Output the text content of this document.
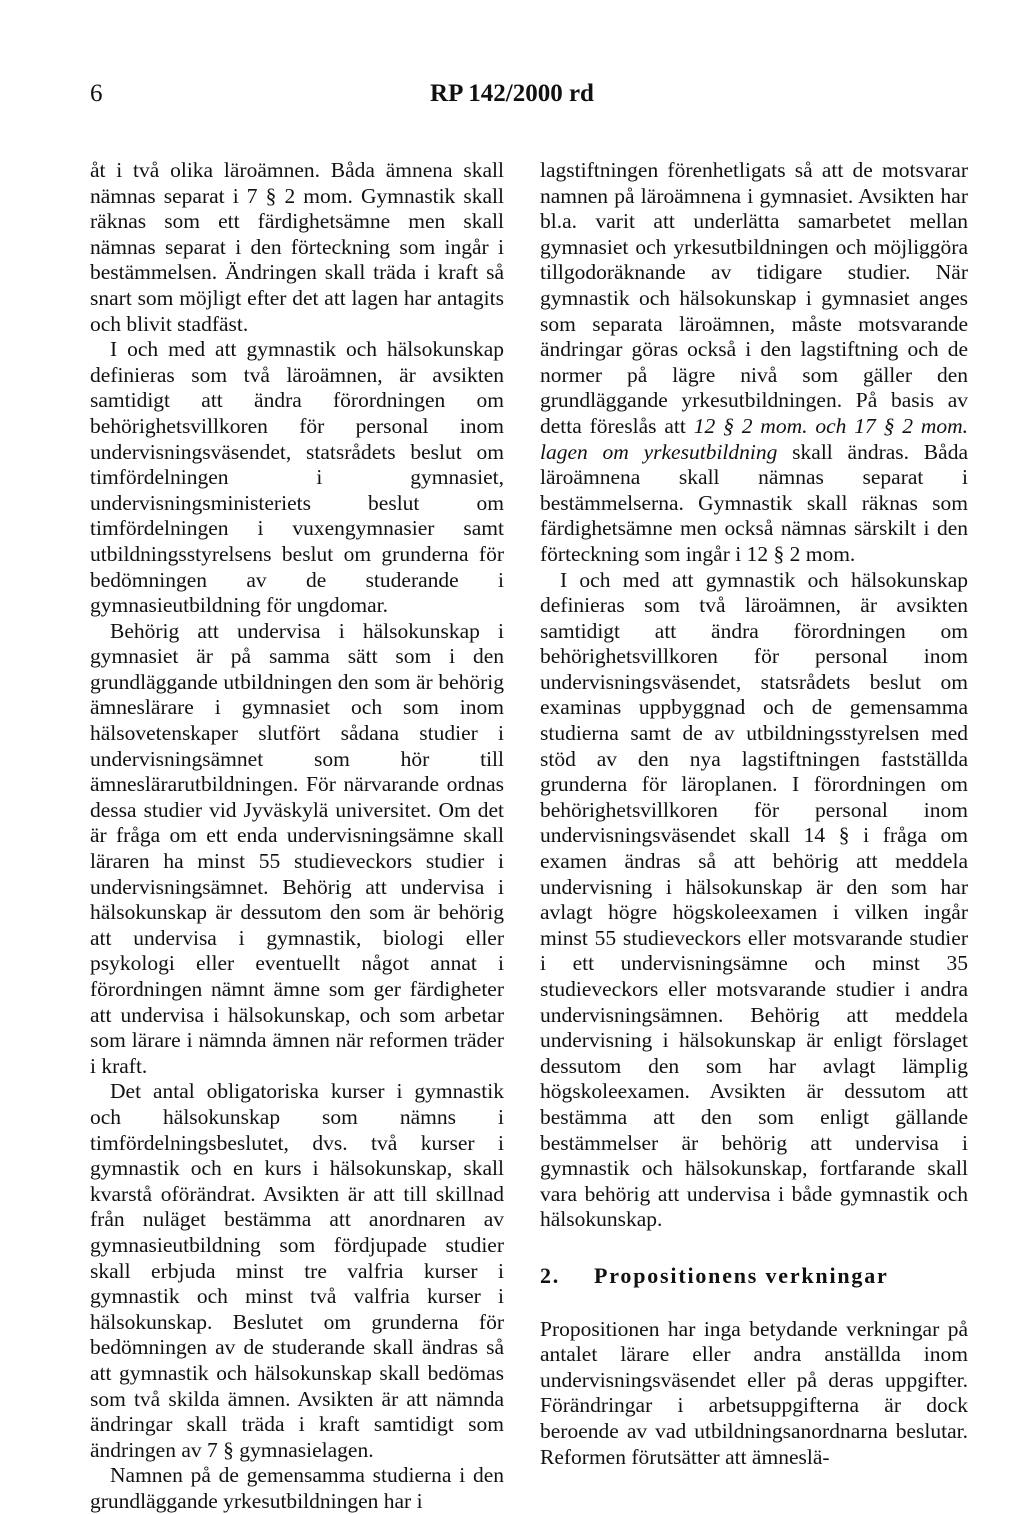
6	RP 142/2000 rd

åt i två olika läroämnen. Båda ämnena skall nämnas separat i 7 § 2 mom. Gymnastik skall räknas som ett färdighetsämne men skall nämnas separat i den förteckning som ingår i bestämmelsen. Ändringen skall träda i kraft så snart som möjligt efter det att lagen har antagits och blivit stadfäst.

I och med att gymnastik och hälsokunskap definieras som två läroämnen, är avsikten samtidigt att ändra förordningen om behörighetsvillkoren för personal inom undervisningsväsendet, statsrådets beslut om timfördelningen i gymnasiet, undervisningsministeriets beslut om timfördelningen i vuxengymnasier samt utbildningsstyrelsens beslut om grunderna för bedömningen av de studerande i gymnasieutbildning för ungdomar.

Behörig att undervisa i hälsokunskap i gymnasiet är på samma sätt som i den grundläggande utbildningen den som är behörig ämneslärare i gymnasiet och som inom hälsovetenskaper slutfört sådana studier i undervisningsämnet som hör till ämneslärarutbildningen. För närvarande ordnas dessa studier vid Jyväskylä universitet. Om det är fråga om ett enda undervisningsämne skall läraren ha minst 55 studieveckors studier i undervisningsämnet. Behörig att undervisa i hälsokunskap är dessutom den som är behörig att undervisa i gymnastik, biologi eller psykologi eller eventuellt något annat i förordningen nämnt ämne som ger färdigheter att undervisa i hälsokunskap, och som arbetar som lärare i nämnda ämnen när reformen träder i kraft.

Det antal obligatoriska kurser i gymnastik och hälsokunskap som nämns i timfördelningsbeslutet, dvs. två kurser i gymnastik och en kurs i hälsokunskap, skall kvarstå oförändrat. Avsikten är att till skillnad från nuläget bestämma att anordnaren av gymnasieutbildning som fördjupade studier skall erbjuda minst tre valfria kurser i gymnastik och minst två valfria kurser i hälsokunskap. Beslutet om grunderna för bedömningen av de studerande skall ändras så att gymnastik och hälsokunskap skall bedömas som två skilda ämnen. Avsikten är att nämnda ändringar skall träda i kraft samtidigt som ändringen av 7 § gymnasielagen.

Namnen på de gemensamma studierna i den grundläggande yrkesutbildningen har i

lagstiftningen förenhetligats så att de motsvarar namnen på läroämnena i gymnasiet. Avsikten har bl.a. varit att underlätta samarbetet mellan gymnasiet och yrkesutbildningen och möjliggöra tillgodoräknande av tidigare studier. När gymnastik och hälsokunskap i gymnasiet anges som separata läroämnen, måste motsvarande ändringar göras också i den lagstiftning och de normer på lägre nivå som gäller den grundläggande yrkesutbildningen. På basis av detta föreslås att 12 § 2 mom. och 17 § 2 mom. lagen om yrkesutbildning skall ändras. Båda läroämnena skall nämnas separat i bestämmelserna. Gymnastik skall räknas som färdighetsämne men också nämnas särskilt i den förteckning som ingår i 12 § 2 mom.

I och med att gymnastik och hälsokunskap definieras som två läroämnen, är avsikten samtidigt att ändra förordningen om behörighetsvillkoren för personal inom undervisningsväsendet, statsrådets beslut om examinas uppbyggnad och de gemensamma studierna samt de av utbildningsstyrelsen med stöd av den nya lagstiftningen fastställda grunderna för läroplanen. I förordningen om behörighetsvillkoren för personal inom undervisningsväsendet skall 14 § i fråga om examen ändras så att behörig att meddela undervisning i hälsokunskap är den som har avlagt högre högskoleexamen i vilken ingår minst 55 studieveckors eller motsvarande studier i ett undervisningsämne och minst 35 studieveckors eller motsvarande studier i andra undervisningsämnen. Behörig att meddela undervisning i hälsokunskap är enligt förslaget dessutom den som har avlagt lämplig högskoleexamen. Avsikten är dessutom att bestämma att den som enligt gällande bestämmelser är behörig att undervisa i gymnastik och hälsokunskap, fortfarande skall vara behörig att undervisa i både gymnastik och hälsokunskap.

2. Propositionens verkningar

Propositionen har inga betydande verkningar på antalet lärare eller andra anställda inom undervisningsväsendet eller på deras uppgifter. Förändringar i arbetsuppgifterna är dock beroende av vad utbildningsanordnarna beslutar. Reformen förutsätter att ämneslä-
